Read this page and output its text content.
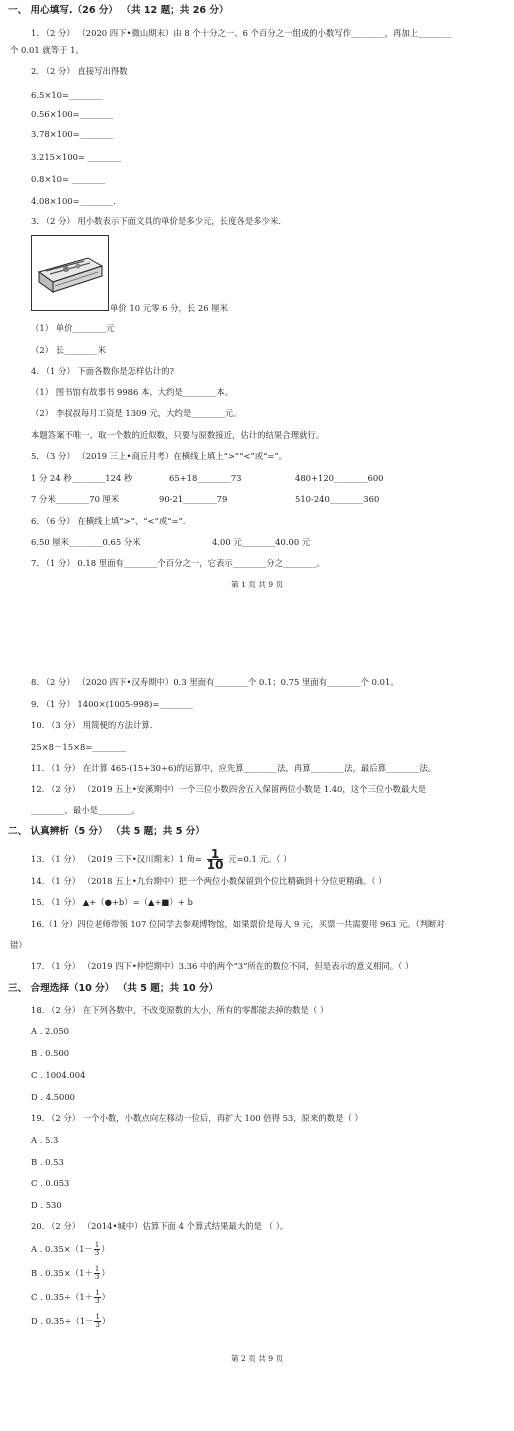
一、 用心填写.（26 分） （共 12 题；共 26 分）
1. （2 分） （2020 四下•微山期末）由 8 个十分之一、6 个百分之一组成的小数写作________，再加上________
个 0.01 就等于 1。
2. （2 分） 直接写出得数
6.5×10=________
0.56×100=________
3.78×100=________
3.215×100= ________
0.8×10= ________
4.08×100=________.
3. （2 分） 用小数表示下面文具的单价是多少元，长度各是多少米.
单价 10 元零 6 分，长 26 厘米
（1） 单价________元
（2） 长________米
4. （1 分） 下面各数你是怎样估计的?
（1） 图书馆有故事书 9986 本，大约是________本。
（2） 李叔叔每月工资是 1309 元，大约是________元。
本题答案不唯一。取一个数的近似数，只要与原数接近，估计的结果合理就行。
5. （3 分） （2019 三上•商丘月考）在横线上填上“>”“<”或“=”。
1 分 24 秒________124 秒	65+18________73	480+120________600
7 分米________70 厘米	90-21________79	510-240________360
6. （6 分） 在横线上填“>”、“<”或“=”.
6.50 厘米________0.65 分米	4.00 元________40.00 元
7. （1 分） 0.18 里面有________个百分之一，它表示________分之________。
第 1 页 共 9 页
8. （2 分） （2020 四下•汉寿期中）0.3 里面有________个 0.1；0.75 里面有________个 0.01。
9. （1 分） 1400×(1005-998)=________
10. （3 分） 用简便的方法计算.
25×8－15×8=________
11. （1 分） 在计算 465-(15+30÷6)的运算中，应先算________法，再算________法，最后算________法。
12. （2 分） （2019 五上•安溪期中）一个三位小数四舍五入保留两位小数是 1.40，这个三位小数最大是
________，最小是________。
二、 认真辨析（5 分） （共 5 题；共 5 分）
13. （1 分） （2019 三下•汉川期末）1 角= $\frac{1}{10}$ 元=0.1 元。（ ）
14. （1 分） （2018 五上•九台期中）把一个两位小数保留到个位比精确到十分位更精确。（ ）
15. （1 分） ▲+（●+b）=（▲+■）+ b
16.（1 分）四位老师带领 107 位同学去参观博物馆，如果票价是每人 9 元，买票一共需要用 963 元。（判断对
错）
17. （1 分） （2019 四下•仲恺期中）3.36 中的两个“3”所在的数位不同，但是表示的意义相同。（ ）
三、 合理选择（10 分） （共 5 题；共 10 分）
18. （2 分） 在下列各数中，不改变原数的大小，所有的零都能去掉的数是（ ）
A . 2.050
B . 0.500
C . 1004.004
D . 4.5000
19. （2 分） 一个小数，小数点向左移动一位后，再扩大 100 倍得 53，原来的数是（ ）
A . 5.3
B . 0.53
C . 0.053
D . 530
20. （2 分） （2014•城中）估算下面 4 个算式结果最大的是 （ ）。
A . $0.35\times(1- \frac{1}{3}$ ）
B . $0.35\times(1+ \frac{1}{3}$ ）
C . $0.35\div(1+ \frac{1}{3}$ ）
D . $0.35\div(1- \frac{1}{3}$ ）
第 2 页 共 9 页
